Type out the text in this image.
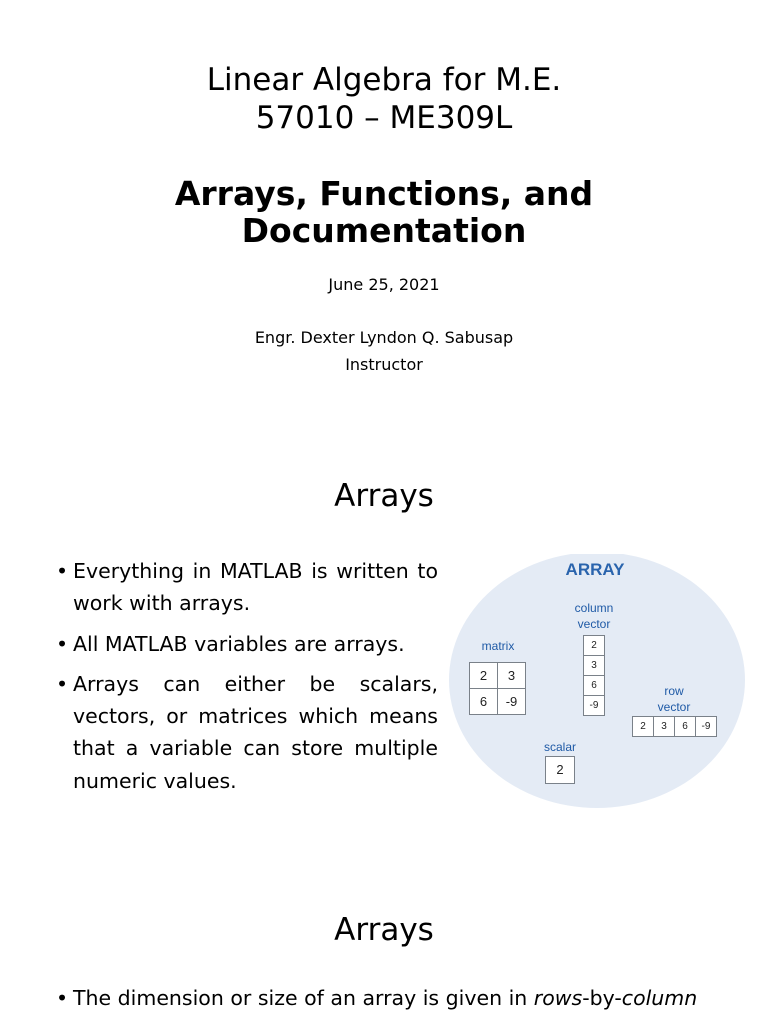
Linear Algebra for M.E.
57010 – ME309L
Arrays, Functions, and
Documentation
June 25, 2021
Engr. Dexter Lyndon Q. Sabusap
Instructor
Arrays
• Everything in MATLAB is written to work with arrays.
• All MATLAB variables are arrays.
• Arrays can either be scalars, vectors, or matrices which means that a variable can store multiple numeric values.
ARRAY
column
vector
matrix
2	3
6	-9
2
3
6
-9
row
vector
2	3	6	-9
scalar
2
Arrays
• The dimension or size of an array is given in rows-by-column
